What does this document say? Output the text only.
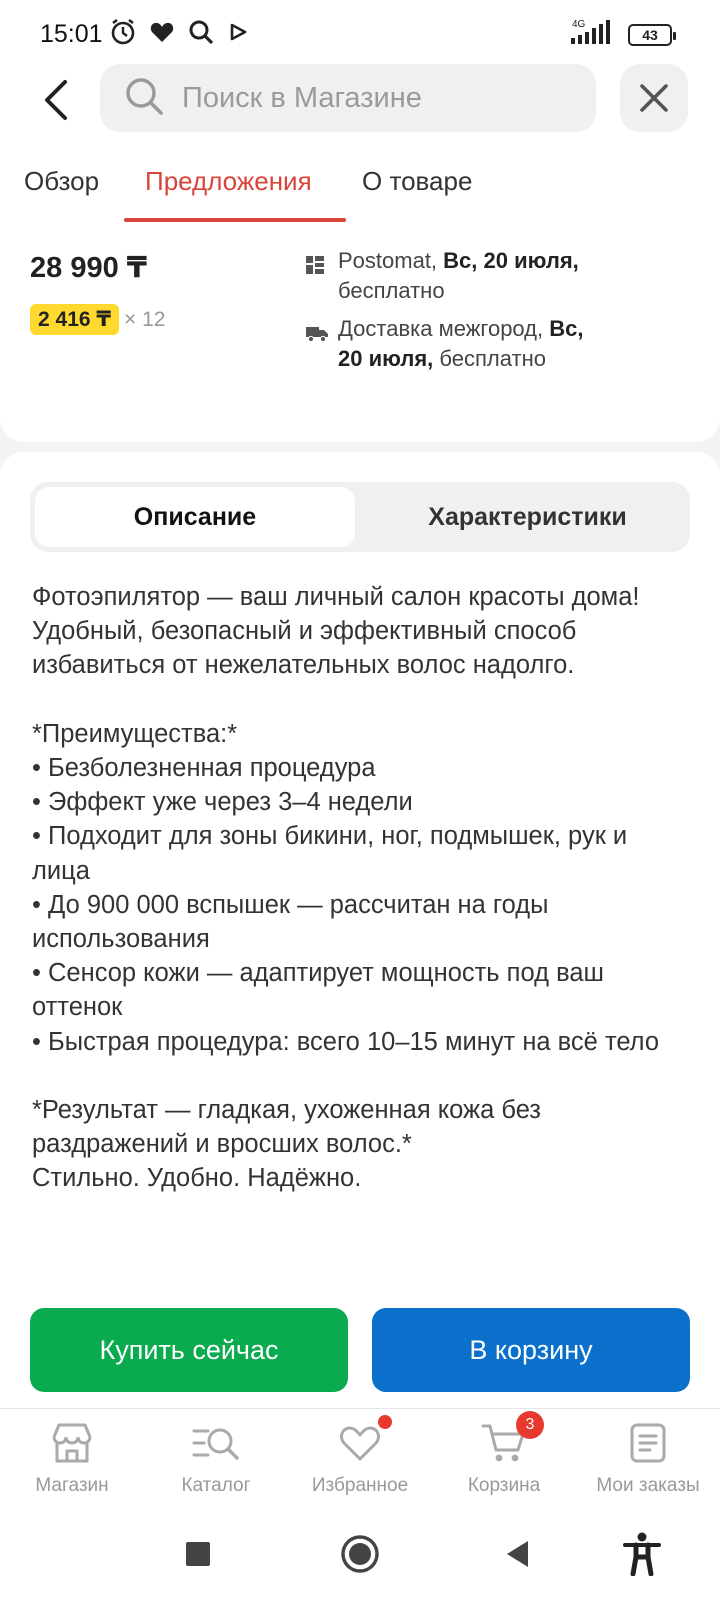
15:01	4G
43
Поиск в Магазине
Обзор Предложения О товаре
28 990 ₸
2 416 ₸ × 12
Postomat, Вс, 20 июля, бесплатно
Доставка межгород, Вс, 20 июля, бесплатно
Описание	Характеристики
Фотоэпилятор — ваш личный салон красоты дома! Удобный, безопасный и эффективный способ избавиться от нежелательных волос надолго.

*Преимущества:*
• Безболезненная процедура
• Эффект уже через 3–4 недели
• Подходит для зоны бикини, ног, подмышек, рук и лица
• До 900 000 вспышек — рассчитан на годы использования
• Сенсор кожи — адаптирует мощность под ваш оттенок
• Быстрая процедура: всего 10–15 минут на всё тело

*Результат — гладкая, ухоженная кожа без раздражений и вросших волос.*
Стильно. Удобно. Надёжно.
Купить сейчас	В корзину
Магазин	Каталог	Избранное
3
Корзина	Мои заказы
